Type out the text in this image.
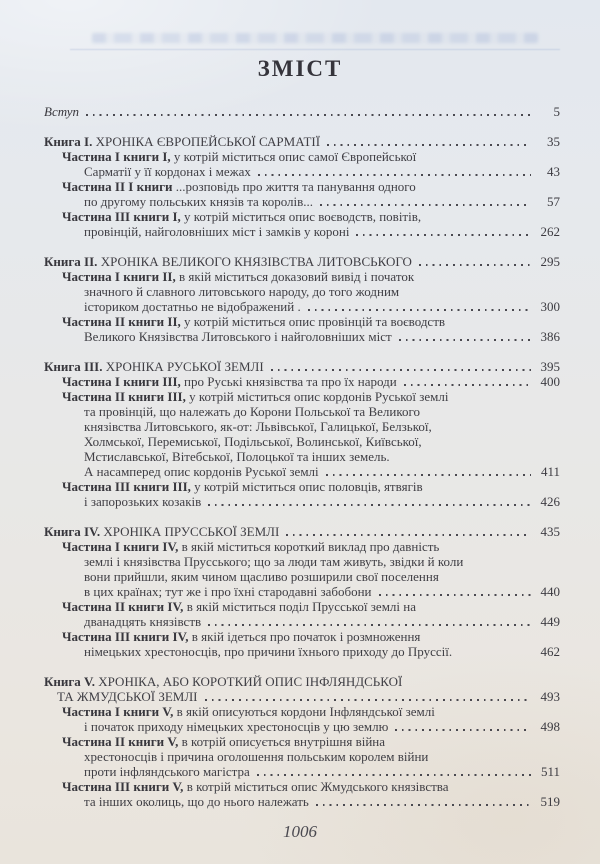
ЗМІСТ

Вступ	5

Книга I. ХРОНІКА ЄВРОПЕЙСЬКОЇ САРМАТІЇ	35

Частина I книги I, у котрій міститься опис самої Європейської

Сарматії у її кордонах і межах	43

Частина II I книги ...розповідь про життя та панування одного

по другому польських князів та королів...	57

Частина III книги I, у котрій міститься опис воєводств, повітів,

провінцій, найголовніших міст і замків у короні	262

Книга II. ХРОНІКА ВЕЛИКОГО КНЯЗІВСТВА ЛИТОВСЬКОГО	295

Частина I книги II, в якій міститься доказовий вивід і початок

значного й славного литовського народу, до того жодним

істориком достатньо не відображений .	300

Частина II книги II, у котрій міститься опис провінцій та воєводств

Великого Князівства Литовського і найголовніших міст	386

Книга III. ХРОНІКА РУСЬКОЇ ЗЕМЛІ	395

Частина I книги III, про Руські князівства та про їх народи	400

Частина II книги III, у котрій міститься опис кордонів Руської землі

та провінцій, що належать до Корони Польської та Великого

князівства Литовського, як-от: Львівської, Галицької, Белзької,

Холмської, Перемиської, Подільської, Волинської, Київської,

Мстиславської, Вітебської, Полоцької та інших земель.

А насамперед опис кордонів Руської землі	411

Частина III книги III, у котрій міститься опис половців, ятвягів

і запорозьких козаків	426

Книга IV. ХРОНІКА ПРУССЬКОЇ ЗЕМЛІ	435

Частина I книги IV, в якій міститься короткий виклад про давність

землі і князівства Прусського; що за люди там живуть, звідки й коли

вони прийшли, яким чином щасливо розширили свої поселення

в цих країнах; тут же і про їхні стародавні забобони	440

Частина II книги IV, в якій міститься поділ Прусської землі на

дванадцять князівств	449

Частина III книги IV, в якій ідеться про початок і розмноження

німецьких хрестоносців, про причини їхнього приходу до Пруссії.	462

Книга V. ХРОНІКА, АБО КОРОТКИЙ ОПИС ІНФЛЯНДСЬКОЇ

ТА ЖМУДСЬКОЇ ЗЕМЛІ	493

Частина I книги V, в якій описуються кордони Інфляндської землі

і початок приходу німецьких хрестоносців у цю землю	498

Частина II книги V, в котрій описується внутрішня війна

хрестоносців і причина оголошення польським королем війни

проти інфляндського магістра	511

Частина III книги V, в котрій міститься опис Жмудського князівства

та інших околиць, що до нього належать	519

1006
